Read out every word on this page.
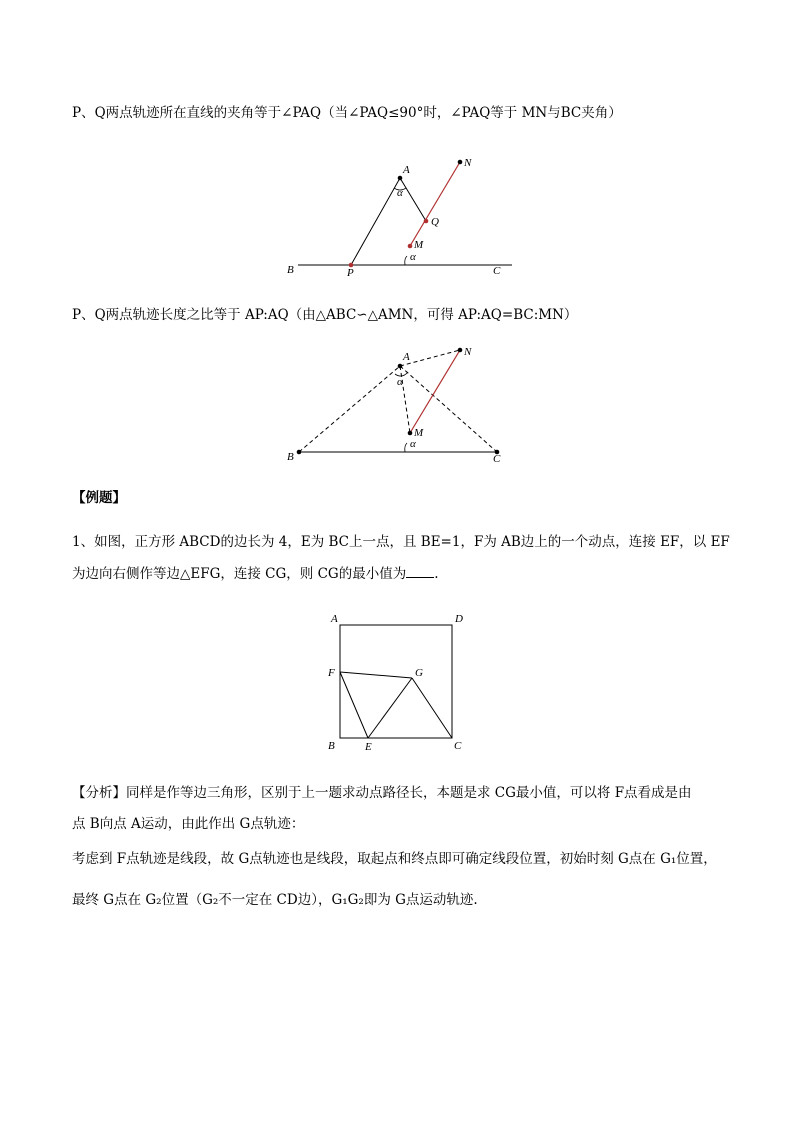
P、Q两点轨迹所在直线的夹角等于∠PAQ（当∠PAQ≤90°时，∠PAQ等于 MN与BC夹角）
A
N
α
Q
M
α
B	P	C
P、Q两点轨迹长度之比等于 AP:AQ（由△ABC∽△AMN，可得 AP:AQ=BC:MN）
A	N
α
M
α
B	C
【例题】
1、如图，正方形 ABCD的边长为 4，E为 BC上一点，且 BE=1，F为 AB边上的一个动点，连接 EF，以 EF
为边向右侧作等边△EFG，连接 CG，则 CG的最小值为 .
A	D
F	G
B	E	C
【分析】同样是作等边三角形，区别于上一题求动点路径长，本题是求 CG最小值，可以将 F点看成是由
点 B向点 A运动，由此作出 G点轨迹：
考虑到 F点轨迹是线段，故 G点轨迹也是线段，取起点和终点即可确定线段位置，初始时刻 G点在 G₁位置，
最终 G点在 G₂位置（G₂不一定在 CD边），G₁G₂即为 G点运动轨迹.
